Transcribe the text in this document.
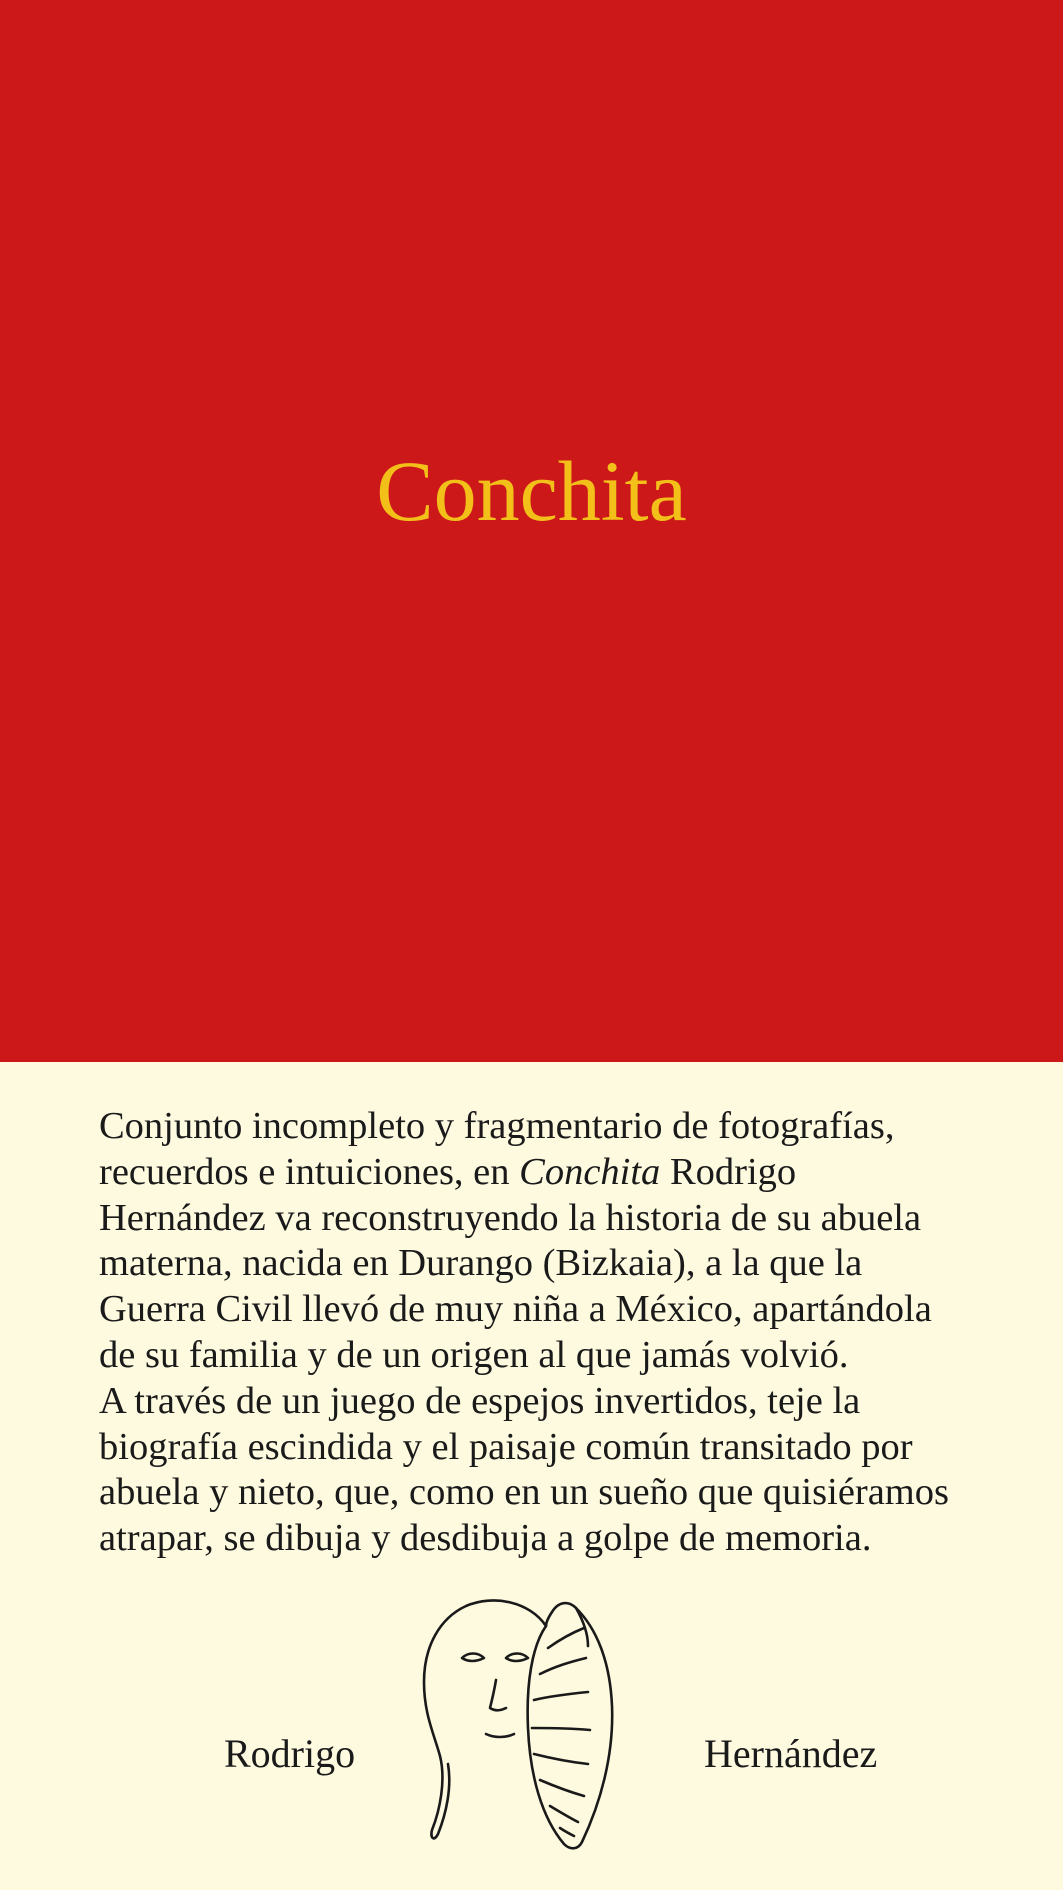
Conchita

Conjunto incompleto y fragmentario de fotografías,
recuerdos e intuiciones, en Conchita Rodrigo
Hernández va reconstruyendo la historia de su abuela
materna, nacida en Durango (Bizkaia), a la que la
Guerra Civil llevó de muy niña a México, apartándola
de su familia y de un origen al que jamás volvió.
A través de un juego de espejos invertidos, teje la
biografía escindida y el paisaje común transitado por
abuela y nieto, que, como en un sueño que quisiéramos
atrapar, se dibuja y desdibuja a golpe de memoria.

Rodrigo	Hernández
